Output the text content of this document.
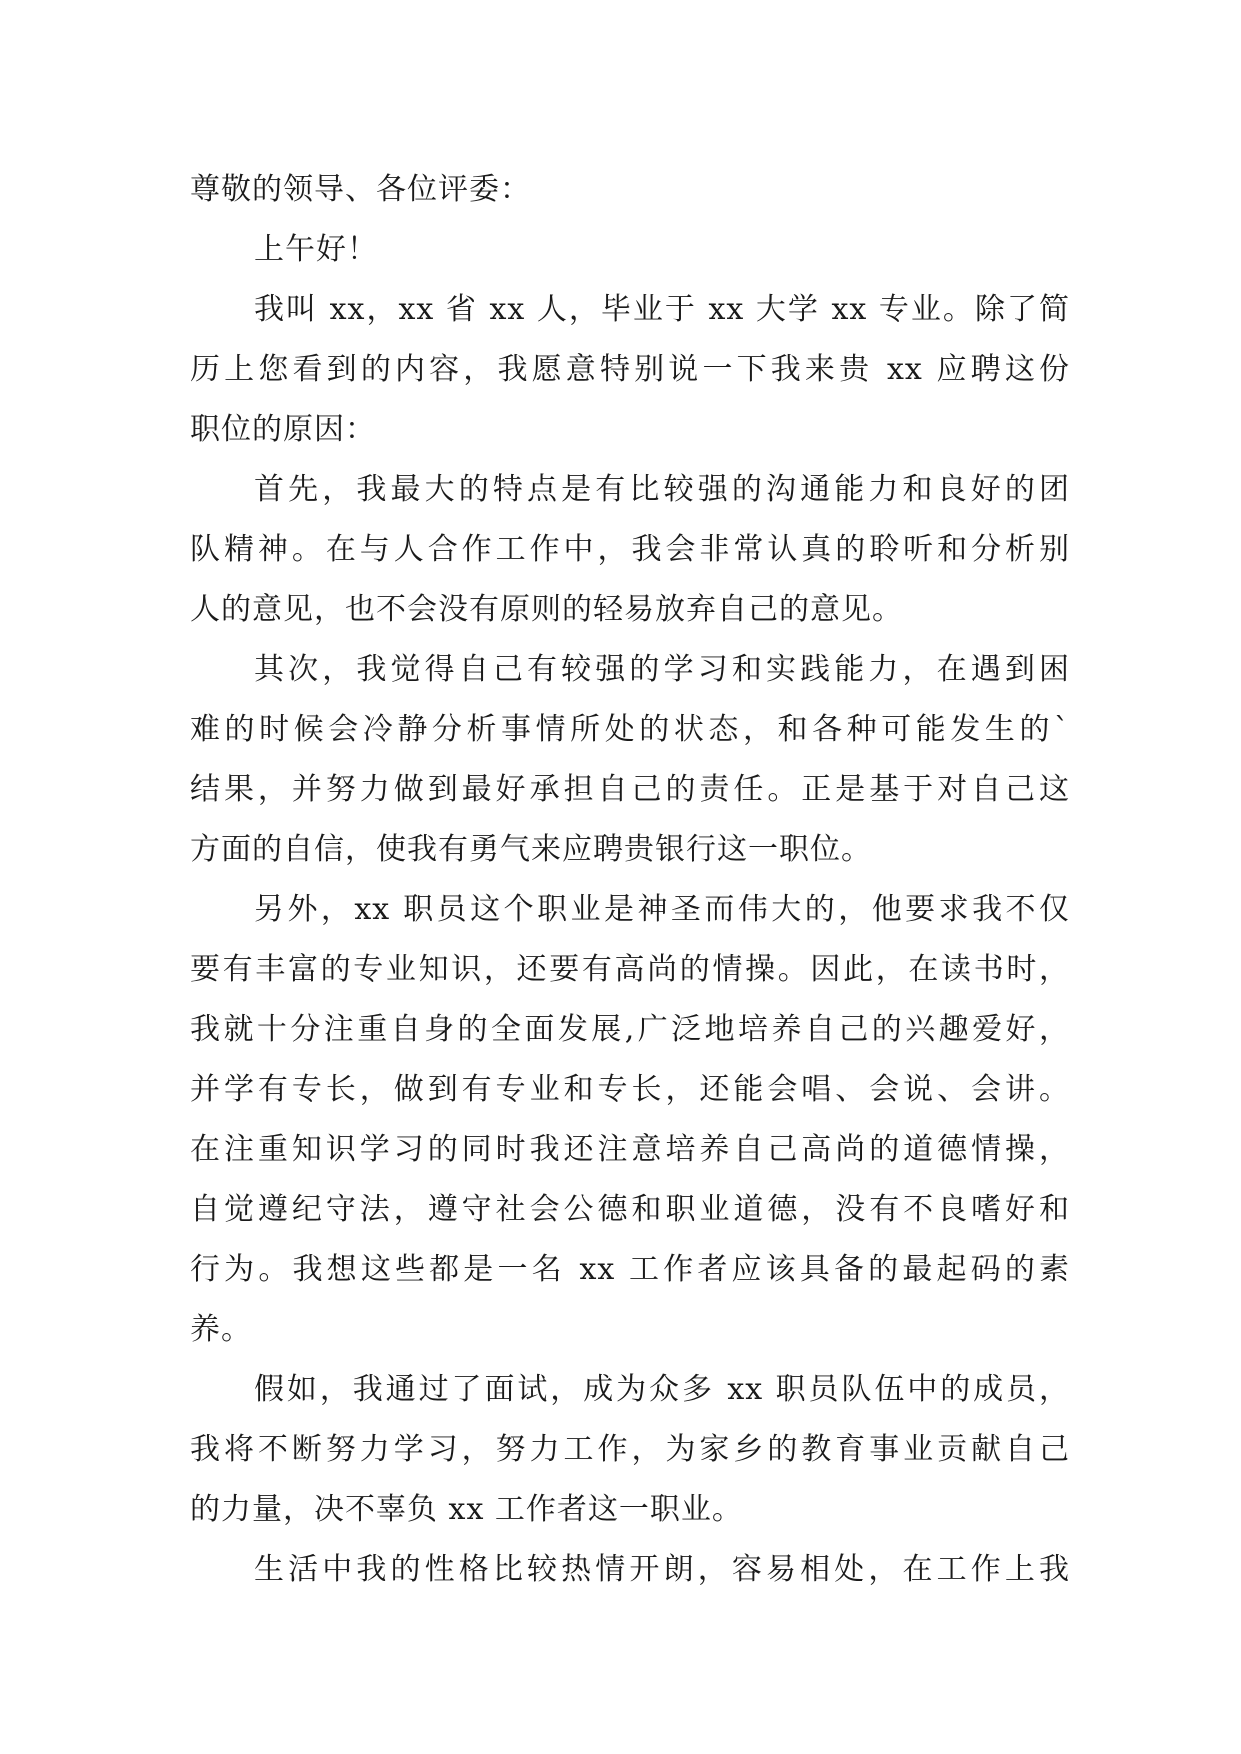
尊敬的领导、各位评委：
上午好！
我叫 xx，xx 省 xx 人，毕业于 xx 大学 xx 专业。除了简
历上您看到的内容，我愿意特别说一下我来贵 xx 应聘这份
职位的原因：
首先，我最大的特点是有比较强的沟通能力和良好的团
队精神。在与人合作工作中，我会非常认真的聆听和分析别
人的意见，也不会没有原则的轻易放弃自己的意见。
其次，我觉得自己有较强的学习和实践能力，在遇到困
难的时候会冷静分析事情所处的状态，和各种可能发生的`
结果，并努力做到最好承担自己的责任。正是基于对自己这
方面的自信，使我有勇气来应聘贵银行这一职位。
另外，xx 职员这个职业是神圣而伟大的，他要求我不仅
要有丰富的专业知识，还要有高尚的情操。因此，在读书时，
我就十分注重自身的全面发展,广泛地培养自己的兴趣爱好，
并学有专长，做到有专业和专长，还能会唱、会说、会讲。
在注重知识学习的同时我还注意培养自己高尚的道德情操，
自觉遵纪守法，遵守社会公德和职业道德，没有不良嗜好和
行为。我想这些都是一名 xx 工作者应该具备的最起码的素
养。
假如，我通过了面试，成为众多 xx 职员队伍中的成员，
我将不断努力学习，努力工作，为家乡的教育事业贡献自己
的力量，决不辜负 xx 工作者这一职业。
生活中我的性格比较热情开朗，容易相处，在工作上我
